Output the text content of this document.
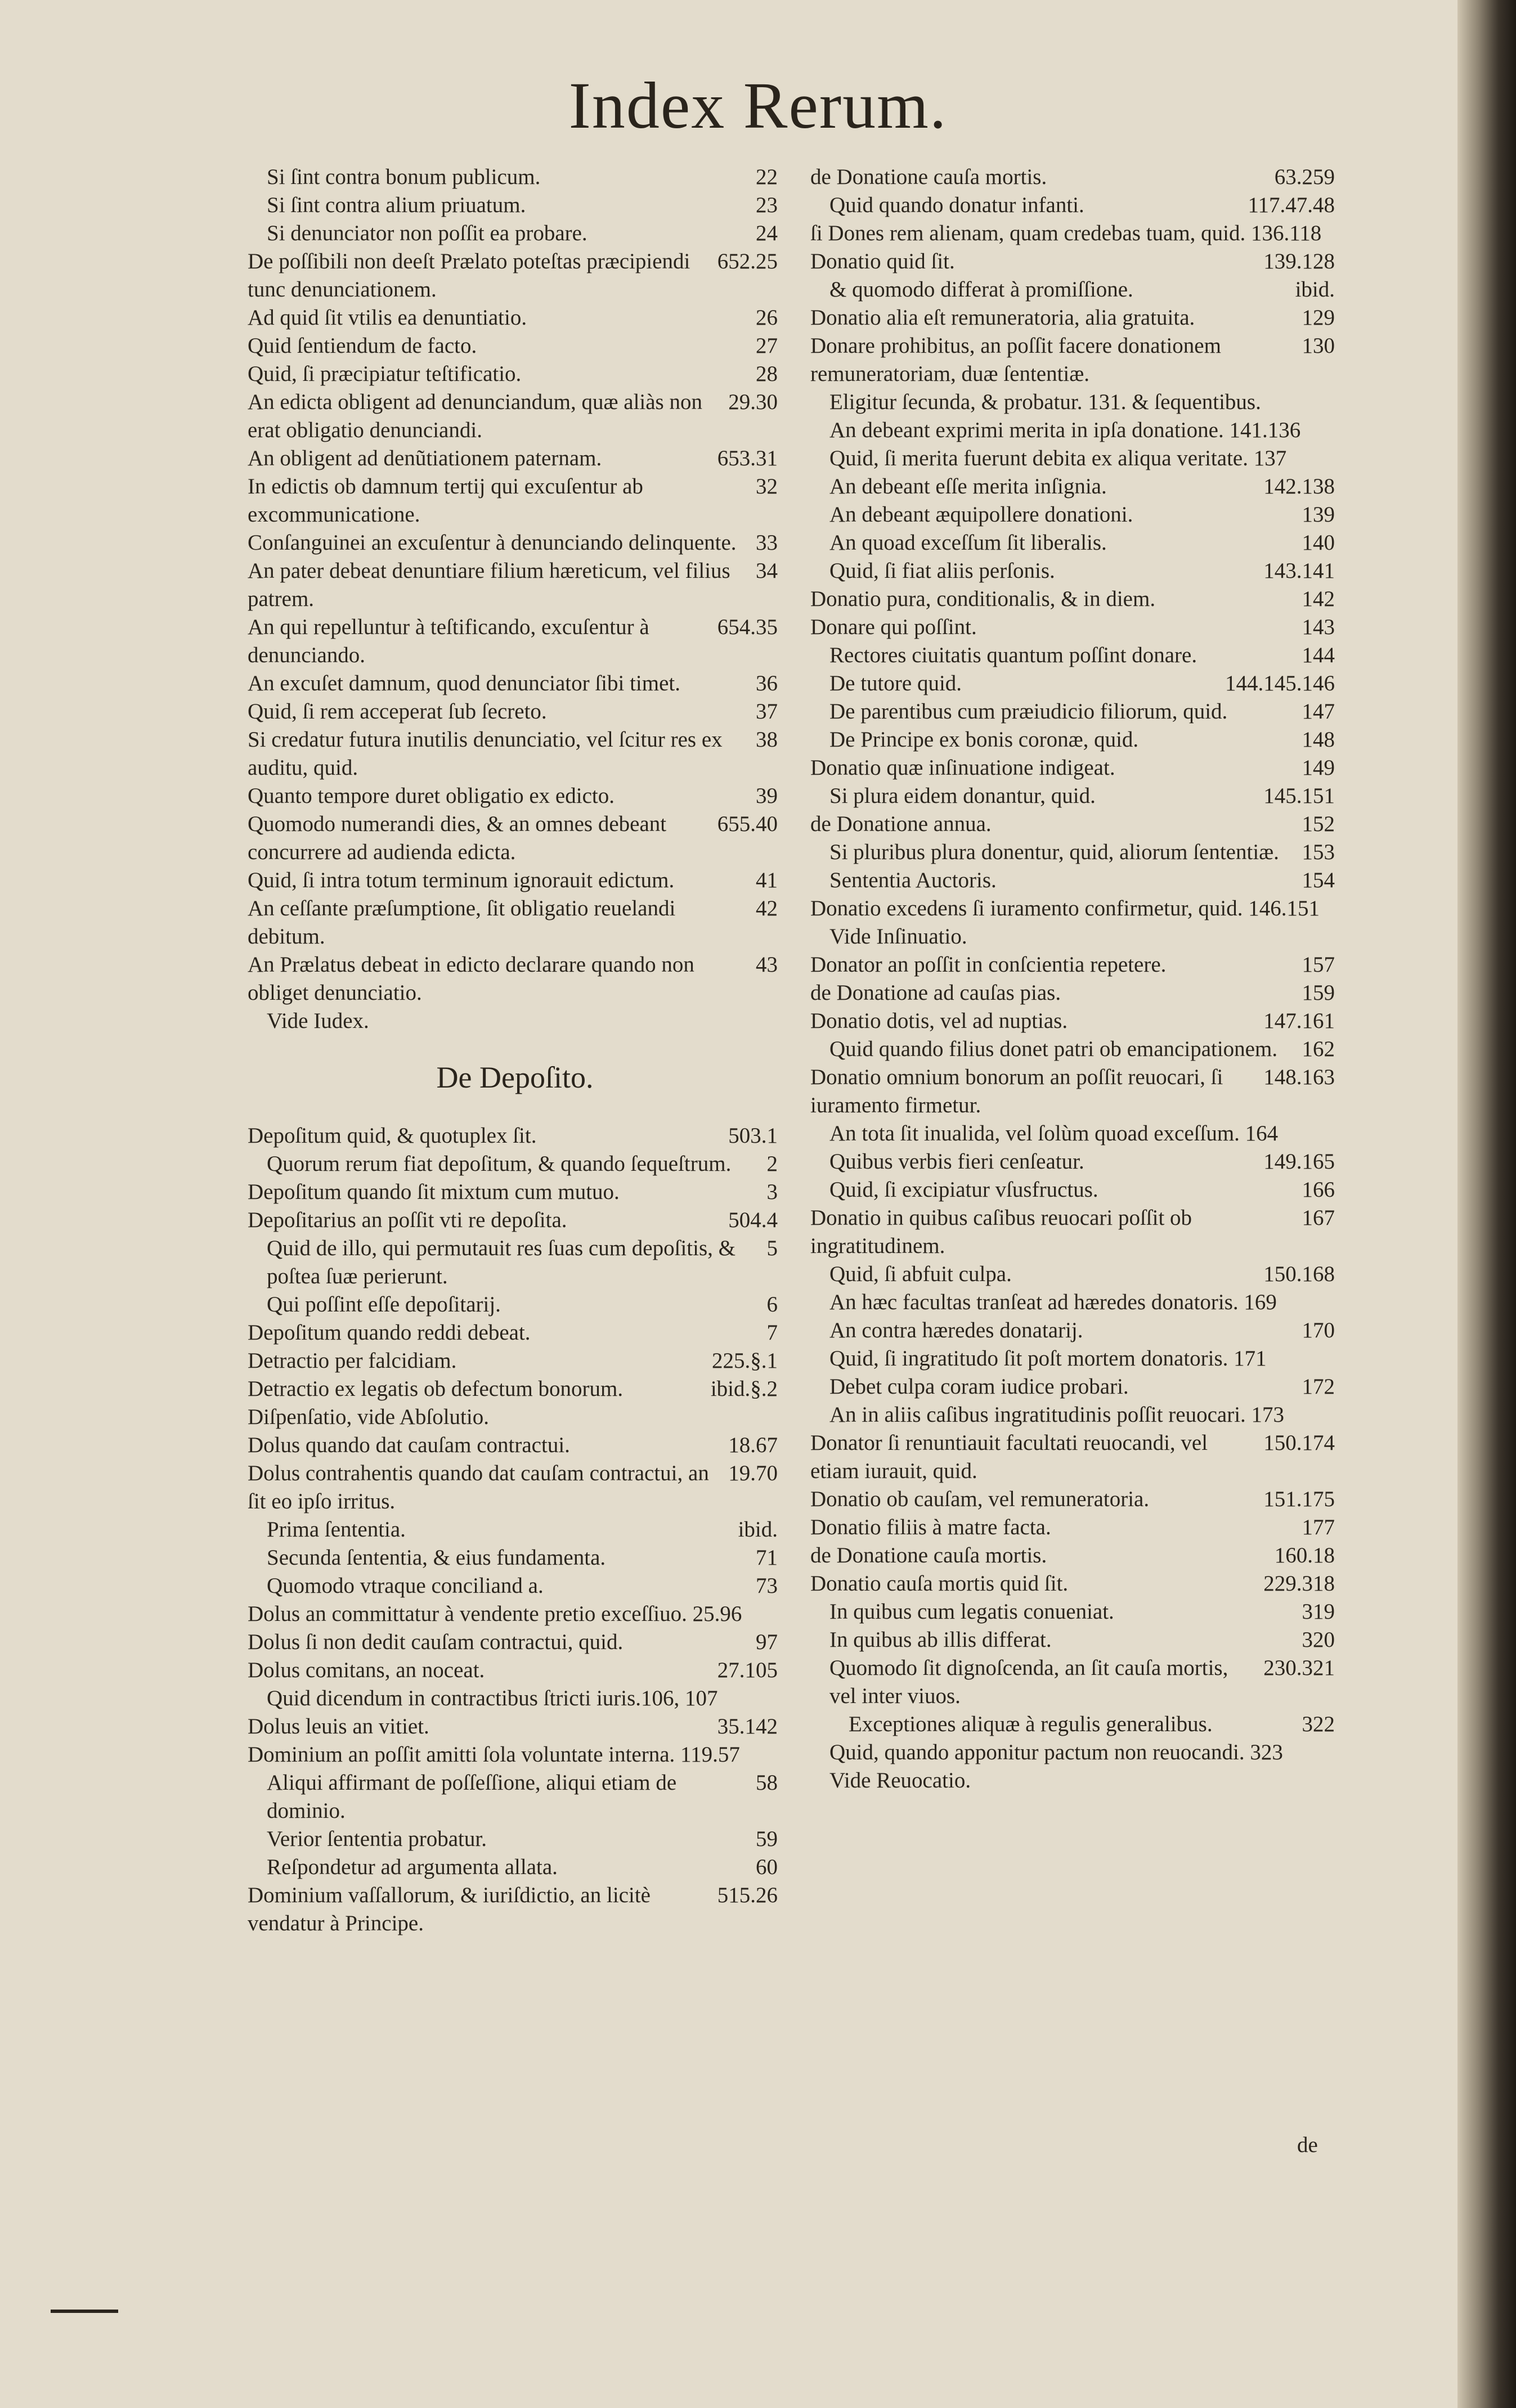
Index Rerum.
22
Si ſint contra bonum publicum.
23
Si ſint contra alium priuatum.
24
Si denunciator non poſſit ea probare.
652.25
De poſſibili non deeſt Prælato poteſtas præcipiendi tunc denunciationem.
26
Ad quid ſit vtilis ea denuntiatio.
27
Quid ſentiendum de facto.
28
Quid, ſi præcipiatur teſtificatio.
29.30
An edicta obligent ad denunciandum, quæ aliàs non erat obligatio denunciandi.
653.31
An obligent ad denũtiationem paternam.
32
In edictis ob damnum tertij qui excuſentur ab excommunicatione.
33
Conſanguinei an excuſentur à denunciando delinquente.
34
An pater debeat denuntiare filium hæreticum, vel filius patrem.
654.35
An qui repelluntur à teſtificando, excuſentur à denunciando.
36
An excuſet damnum, quod denunciator ſibi timet.
37
Quid, ſi rem acceperat ſub ſecreto.
38
Si credatur futura inutilis denunciatio, vel ſcitur res ex auditu, quid.
39
Quanto tempore duret obligatio ex edicto.
655.40
Quomodo numerandi dies, & an omnes debeant concurrere ad audienda edicta.
41
Quid, ſi intra totum terminum ignorauit edictum.
42
An ceſſante præſumptione, ſit obligatio reuelandi debitum.
43
An Prælatus debeat in edicto declarare quando non obliget denunciatio.
Vide Iudex.
De Depoſito.
503.1
Depoſitum quid, & quotuplex ſit.
2
Quorum rerum fiat depoſitum, & quando ſequeſtrum.
3
Depoſitum quando ſit mixtum cum mutuo.
504.4
Depoſitarius an poſſit vti re depoſita.
5
Quid de illo, qui permutauit res ſuas cum depoſitis, & poſtea ſuæ perierunt.
6
Qui poſſint eſſe depoſitarij.
7
Depoſitum quando reddi debeat.
225.§.1
Detractio per falcidiam.
ibid.§.2
Detractio ex legatis ob defectum bonorum.
Diſpenſatio, vide Abſolutio.
18.67
Dolus quando dat cauſam contractui.
19.70
Dolus contrahentis quando dat cauſam contractui, an ſit eo ipſo irritus.
ibid.
Prima ſententia.
71
Secunda ſententia, & eius fundamenta.
73
Quomodo vtraque conciliand a.
Dolus an committatur à vendente pretio exceſſiuo. 25.96
97
Dolus ſi non dedit cauſam contractui, quid.
27.105
Dolus comitans, an noceat.
Quid dicendum in contractibus ſtricti iuris.106, 107
35.142
Dolus leuis an vitiet.
Dominium an poſſit amitti ſola voluntate interna. 119.57
58
Aliqui affirmant de poſſeſſione, aliqui etiam de dominio.
59
Verior ſententia probatur.
60
Reſpondetur ad argumenta allata.
515.26
Dominium vaſſallorum, & iuriſdictio, an licitè vendatur à Principe.
63.259
de Donatione cauſa mortis.
117.47.48
Quid quando donatur infanti.
ſi Dones rem alienam, quam credebas tuam, quid. 136.118
139.128
Donatio quid ſit.
ibid.
& quomodo differat à promiſſione.
129
Donatio alia eſt remuneratoria, alia gratuita.
130
Donare prohibitus, an poſſit facere donationem remuneratoriam, duæ ſententiæ.
Eligitur ſecunda, & probatur. 131. & ſequentibus.
An debeant exprimi merita in ipſa donatione. 141.136
Quid, ſi merita fuerunt debita ex aliqua veritate. 137
142.138
An debeant eſſe merita inſignia.
139
An debeant æquipollere donationi.
140
An quoad exceſſum ſit liberalis.
143.141
Quid, ſi fiat aliis perſonis.
142
Donatio pura, conditionalis, & in diem.
143
Donare qui poſſint.
144
Rectores ciuitatis quantum poſſint donare.
144.145.146
De tutore quid.
147
De parentibus cum præiudicio filiorum, quid.
148
De Principe ex bonis coronæ, quid.
149
Donatio quæ inſinuatione indigeat.
145.151
Si plura eidem donantur, quid.
152
de Donatione annua.
153
Si pluribus plura donentur, quid, aliorum ſententiæ.
154
Sententia Auctoris.
Donatio excedens ſi iuramento confirmetur, quid. 146.151
Vide Inſinuatio.
157
Donator an poſſit in conſcientia repetere.
159
de Donatione ad cauſas pias.
147.161
Donatio dotis, vel ad nuptias.
162
Quid quando filius donet patri ob emancipationem.
148.163
Donatio omnium bonorum an poſſit reuocari, ſi iuramento firmetur.
An tota ſit inualida, vel ſolùm quoad exceſſum. 164
149.165
Quibus verbis fieri cenſeatur.
166
Quid, ſi excipiatur vſusfructus.
167
Donatio in quibus caſibus reuocari poſſit ob ingratitudinem.
150.168
Quid, ſi abfuit culpa.
An hæc facultas tranſeat ad hæredes donatoris. 169
170
An contra hæredes donatarij.
Quid, ſi ingratitudo ſit poſt mortem donatoris. 171
172
Debet culpa coram iudice probari.
An in aliis caſibus ingratitudinis poſſit reuocari. 173
150.174
Donator ſi renuntiauit facultati reuocandi, vel etiam iurauit, quid.
151.175
Donatio ob cauſam, vel remuneratoria.
177
Donatio filiis à matre facta.
160.18
de Donatione cauſa mortis.
229.318
Donatio cauſa mortis quid ſit.
319
In quibus cum legatis conueniat.
320
In quibus ab illis differat.
230.321
Quomodo ſit dignoſcenda, an ſit cauſa mortis, vel inter viuos.
322
Exceptiones aliquæ à regulis generalibus.
Quid, quando apponitur pactum non reuocandi. 323
Vide Reuocatio.
de
